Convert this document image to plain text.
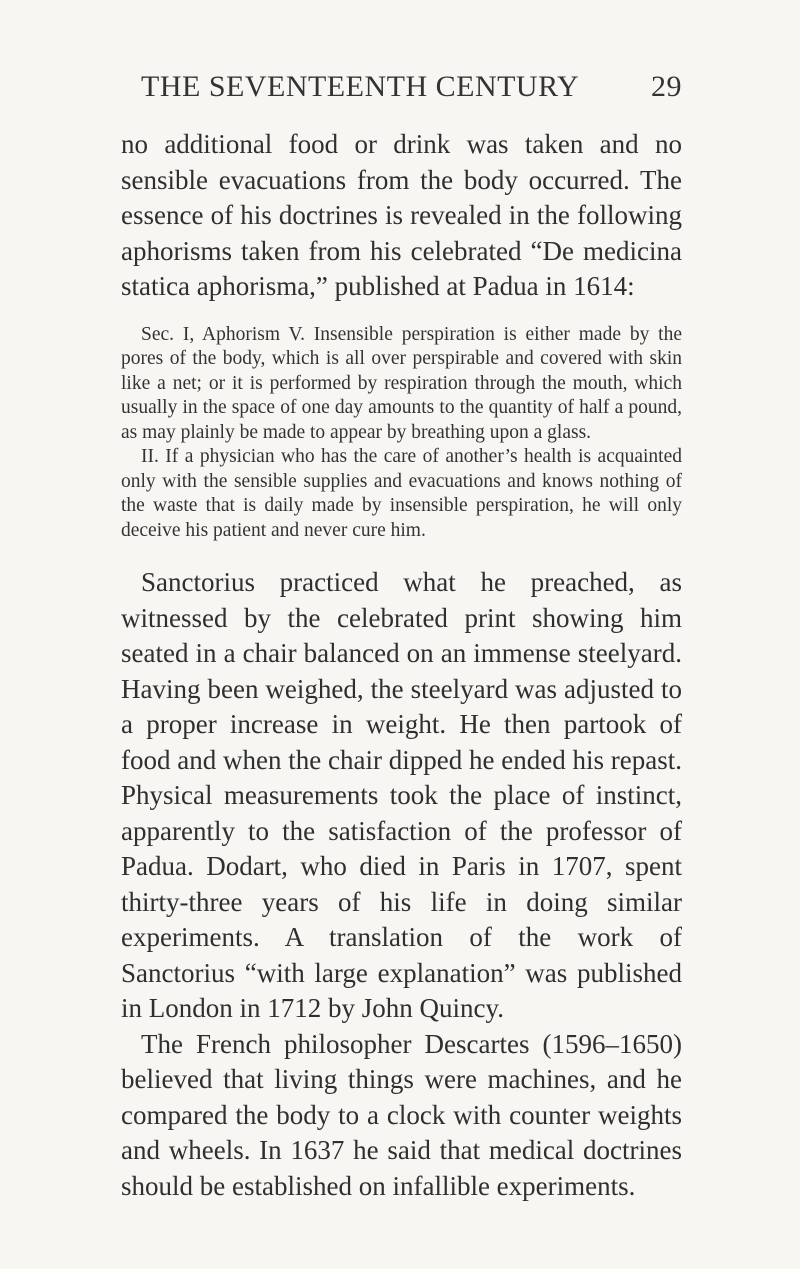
THE SEVENTEENTH CENTURY 29

no additional food or drink was taken and no sensible evacuations from the body occurred. The essence of his doctrines is revealed in the following aphorisms taken from his celebrated “De medicina statica aphorisma,” published at Padua in 1614:

Sec. I, Aphorism V. Insensible perspiration is either made by the pores of the body, which is all over perspirable and covered with skin like a net; or it is performed by respiration through the mouth, which usually in the space of one day amounts to the quantity of half a pound, as may plainly be made to appear by breathing upon a glass.

II. If a physician who has the care of another’s health is acquainted only with the sensible supplies and evacuations and knows nothing of the waste that is daily made by insensible perspiration, he will only deceive his patient and never cure him.

Sanctorius practiced what he preached, as witnessed by the celebrated print showing him seated in a chair balanced on an immense steelyard. Having been weighed, the steelyard was adjusted to a proper increase in weight. He then partook of food and when the chair dipped he ended his repast. Physical measurements took the place of instinct, apparently to the satisfaction of the professor of Padua. Dodart, who died in Paris in 1707, spent thirty-three years of his life in doing similar experiments. A translation of the work of Sanctorius “with large explanation” was published in London in 1712 by John Quincy.

The French philosopher Descartes (1596–1650) believed that living things were machines, and he compared the body to a clock with counter weights and wheels. In 1637 he said that medical doctrines should be established on infallible experiments.
